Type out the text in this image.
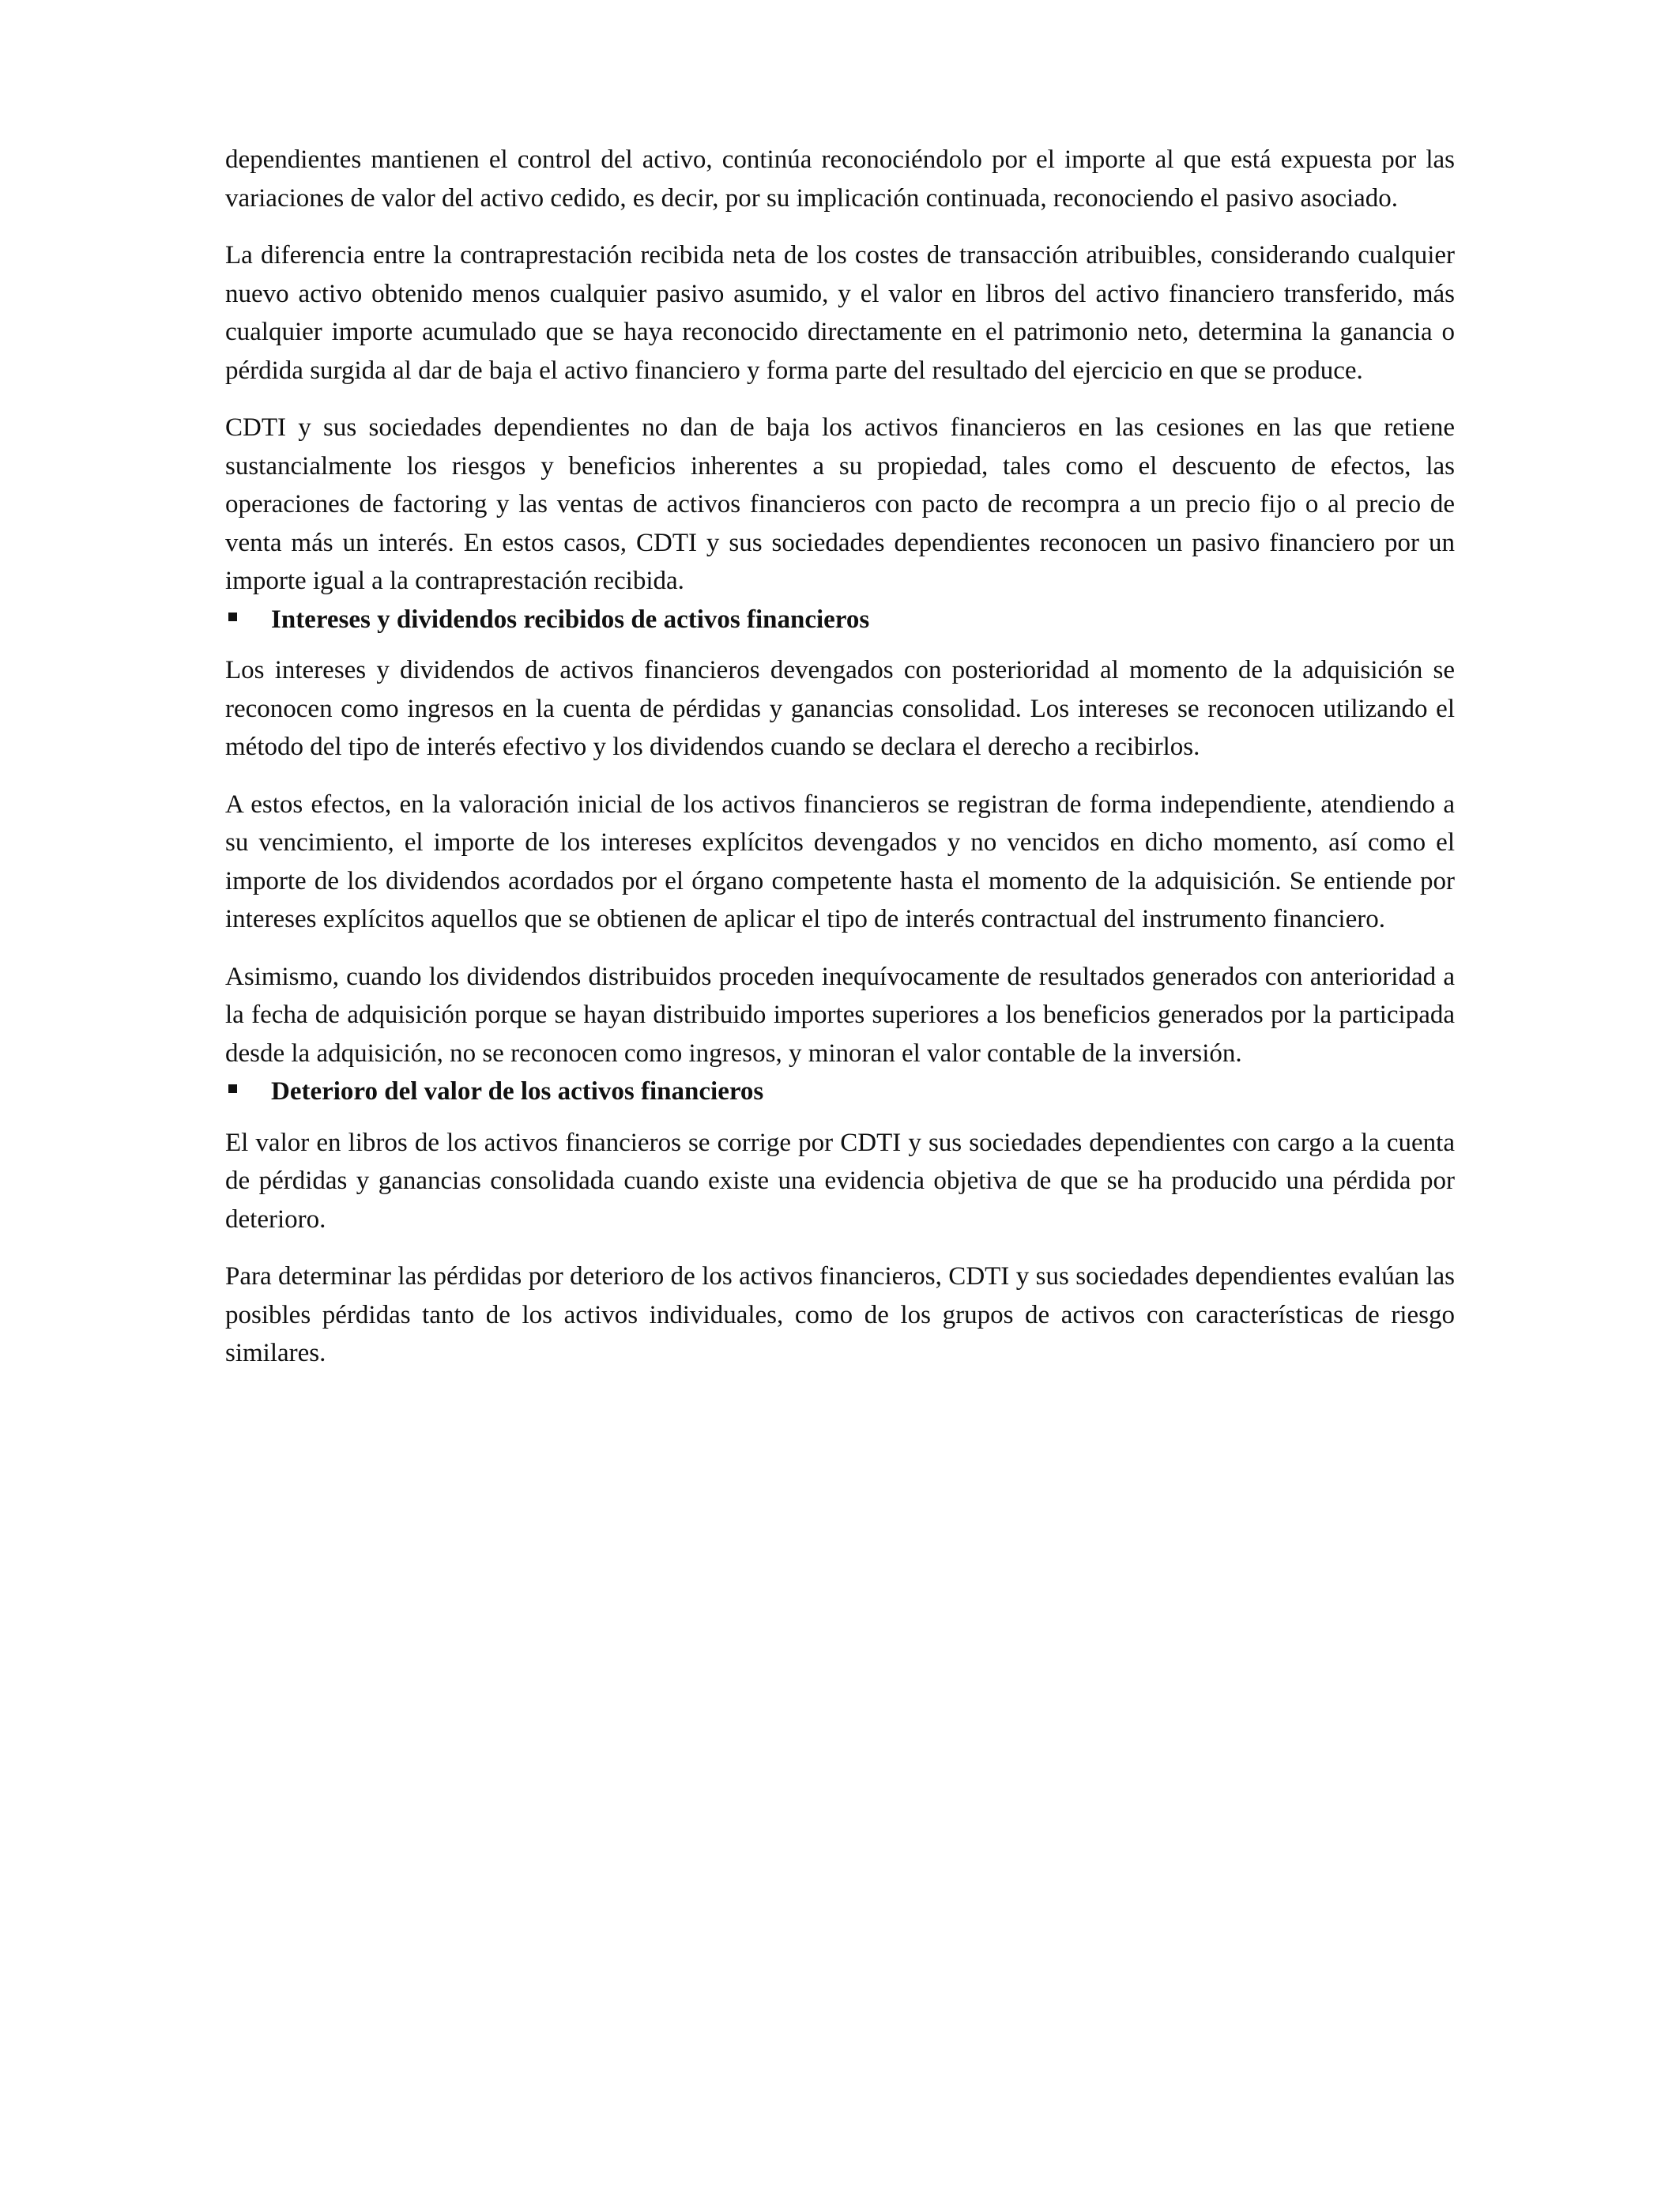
dependientes mantienen el control del activo, continúa reconociéndolo por el importe al que está expuesta por las variaciones de valor del activo cedido, es decir, por su implicación continuada, reconociendo el pasivo asociado.

La diferencia entre la contraprestación recibida neta de los costes de transacción atribuibles, considerando cualquier nuevo activo obtenido menos cualquier pasivo asumido, y el valor en libros del activo financiero transferido, más cualquier importe acumulado que se haya reconocido directamente en el patrimonio neto, determina la ganancia o pérdida surgida al dar de baja el activo financiero y forma parte del resultado del ejercicio en que se produce.

CDTI y sus sociedades dependientes no dan de baja los activos financieros en las cesiones en las que retiene sustancialmente los riesgos y beneficios inherentes a su propiedad, tales como el descuento de efectos, las operaciones de factoring y las ventas de activos financieros con pacto de recompra a un precio fijo o al precio de venta más un interés. En estos casos, CDTI y sus sociedades dependientes reconocen un pasivo financiero por un importe igual a la contraprestación recibida.

Intereses y dividendos recibidos de activos financieros

Los intereses y dividendos de activos financieros devengados con posterioridad al momento de la adquisición se reconocen como ingresos en la cuenta de pérdidas y ganancias consolidad. Los intereses se reconocen utilizando el método del tipo de interés efectivo y los dividendos cuando se declara el derecho a recibirlos.

A estos efectos, en la valoración inicial de los activos financieros se registran de forma independiente, atendiendo a su vencimiento, el importe de los intereses explícitos devengados y no vencidos en dicho momento, así como el importe de los dividendos acordados por el órgano competente hasta el momento de la adquisición. Se entiende por intereses explícitos aquellos que se obtienen de aplicar el tipo de interés contractual del instrumento financiero.

Asimismo, cuando los dividendos distribuidos proceden inequívocamente de resultados generados con anterioridad a la fecha de adquisición porque se hayan distribuido importes superiores a los beneficios generados por la participada desde la adquisición, no se reconocen como ingresos, y minoran el valor contable de la inversión.

Deterioro del valor de los activos financieros

El valor en libros de los activos financieros se corrige por CDTI y sus sociedades dependientes con cargo a la cuenta de pérdidas y ganancias consolidada cuando existe una evidencia objetiva de que se ha producido una pérdida por deterioro.

Para determinar las pérdidas por deterioro de los activos financieros, CDTI y sus sociedades dependientes evalúan las posibles pérdidas tanto de los activos individuales, como de los grupos de activos con características de riesgo similares.
